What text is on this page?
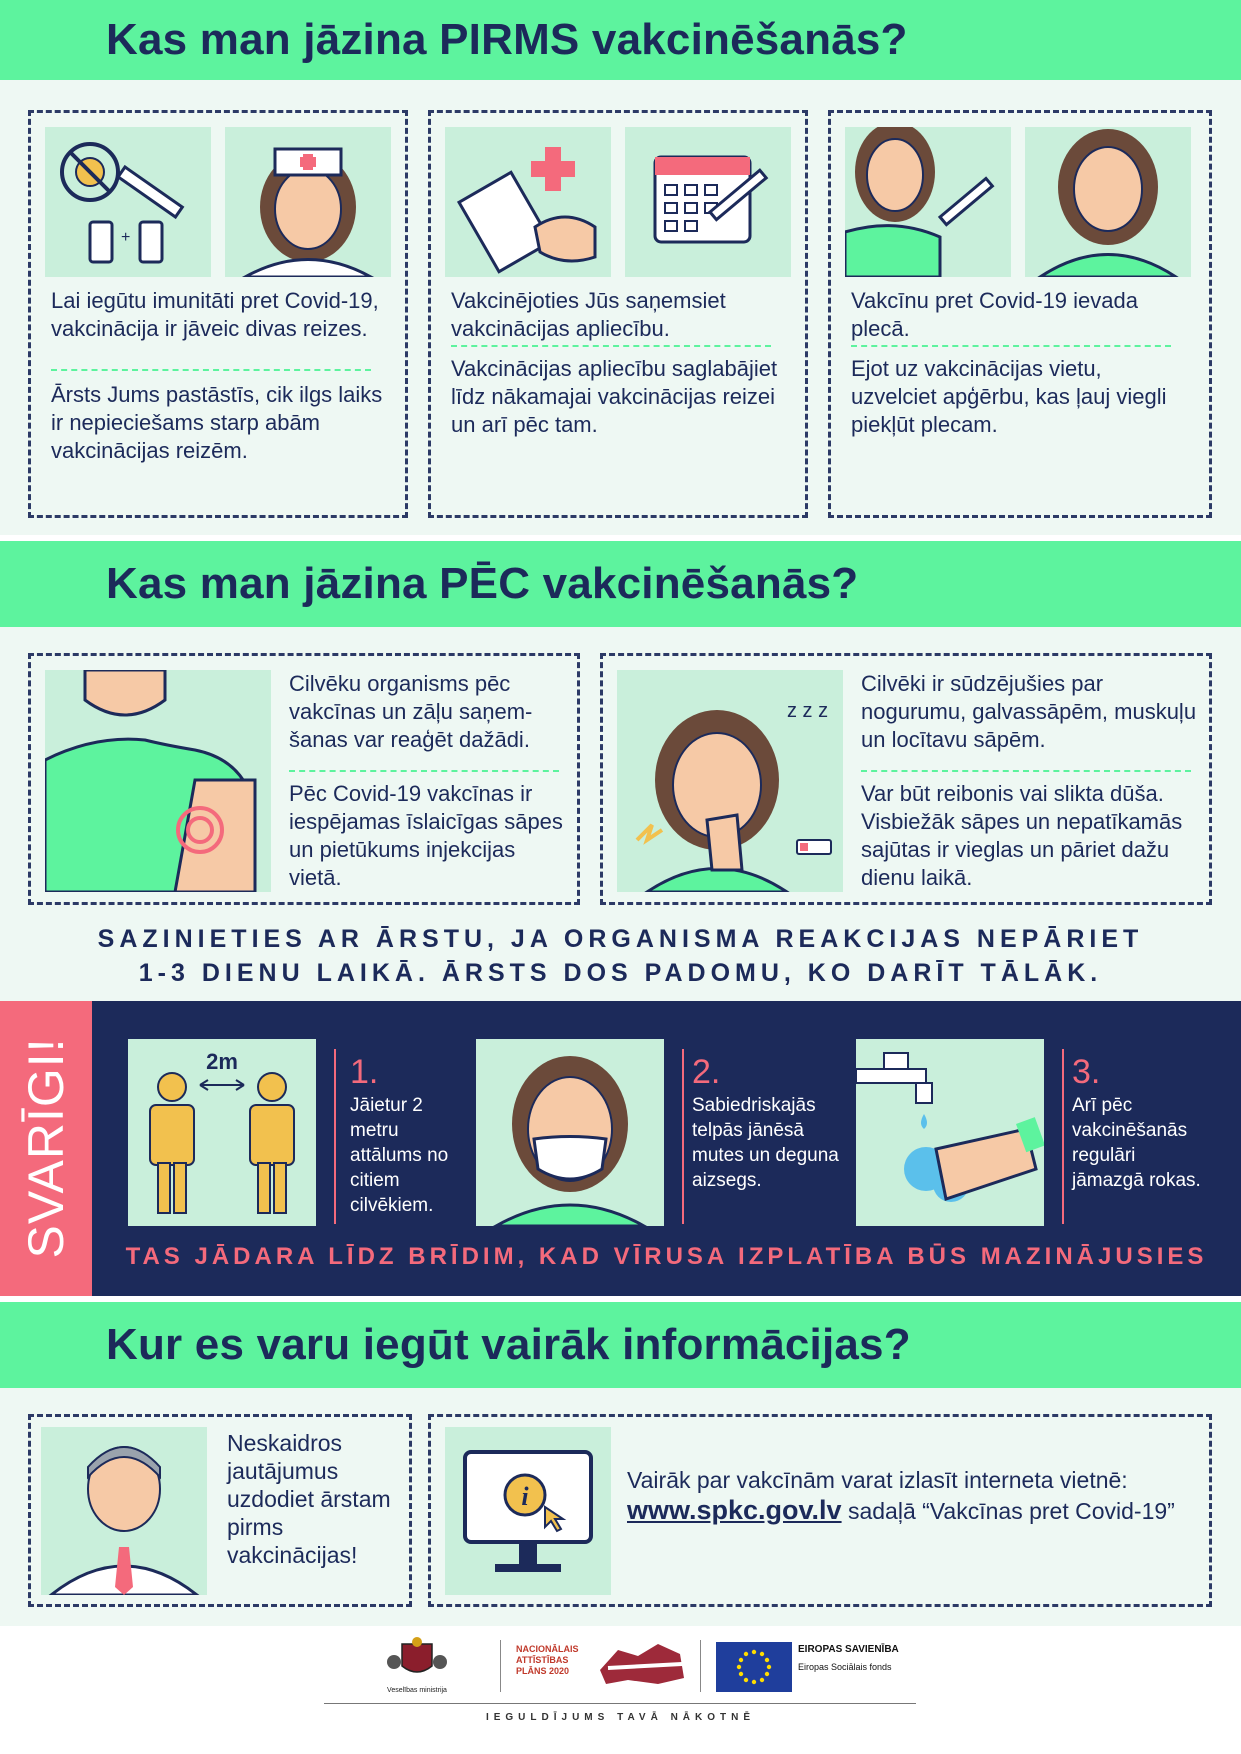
Kas man jāzina PIRMS vakcinēšanās?
+
Lai iegūtu imunitāti pret Covid-19, vakcinācija ir jāveic divas reizes.
Ārsts Jums pastāstīs, cik ilgs laiks ir nepieciešams starp abām vakcinācijas reizēm.
Vakcinējoties Jūs saņemsiet vakcinācijas apliecību.
Vakcinācijas apliecību saglabājiet līdz nākamajai vakcinācijas reizei un arī pēc tam.
Vakcīnu pret Covid-19 ievada plecā.
Ejot uz vakcinācijas vietu, uzvelciet apģērbu, kas ļauj viegli piekļūt plecam.
Kas man jāzina PĒC vakcinēšanās?
Cilvēku organisms pēc vakcīnas un zāļu saņem-šanas var reaģēt dažādi.
Pēc Covid-19 vakcīnas ir iespējamas īslaicīgas sāpes un pietūkums injekcijas vietā.
z z z
Cilvēki ir sūdzējušies par nogurumu, galvassāpēm, muskuļu un locītavu sāpēm.
Var būt reibonis vai slikta dūša. Visbiežāk sāpes un nepatīkamās sajūtas ir vieglas un pāriet dažu dienu laikā.
SAZINIETIES AR ĀRSTU, JA ORGANISMA REAKCIJAS NEPĀRIET
1-3 DIENU LAIKĀ. ĀRSTS DOS PADOMU, KO DARĪT TĀLĀK.
SVARĪGI!	2m	1.
Jāietur 2 metru attālums no citiem cilvēkiem.
2.
Sabiedriskajās telpās jānēsā mutes un deguna aizsegs.
3.
Arī pēc vakcinēšanās regulāri jāmazgā rokas.
TAS JĀDARA LĪDZ BRĪDIM, KAD VĪRUSA IZPLATĪBA BŪS MAZINĀJUSIES
Kur es varu iegūt vairāk informācijas?
Neskaidros jautājumus uzdodiet ārstam pirms vakcinācijas!
i
Vairāk par vakcīnām varat izlasīt interneta vietnē: www.spkc.gov.lv sadaļā “Vakcīnas pret Covid-19”
Veselības ministrija
NACIONĀLAIS ATTĪSTĪBAS PLĀNS 2020
EIROPAS SAVIENĪBA
Eiropas Sociālais fonds
IEGULDĪJUMS TAVĀ NĀKOTNĒ
